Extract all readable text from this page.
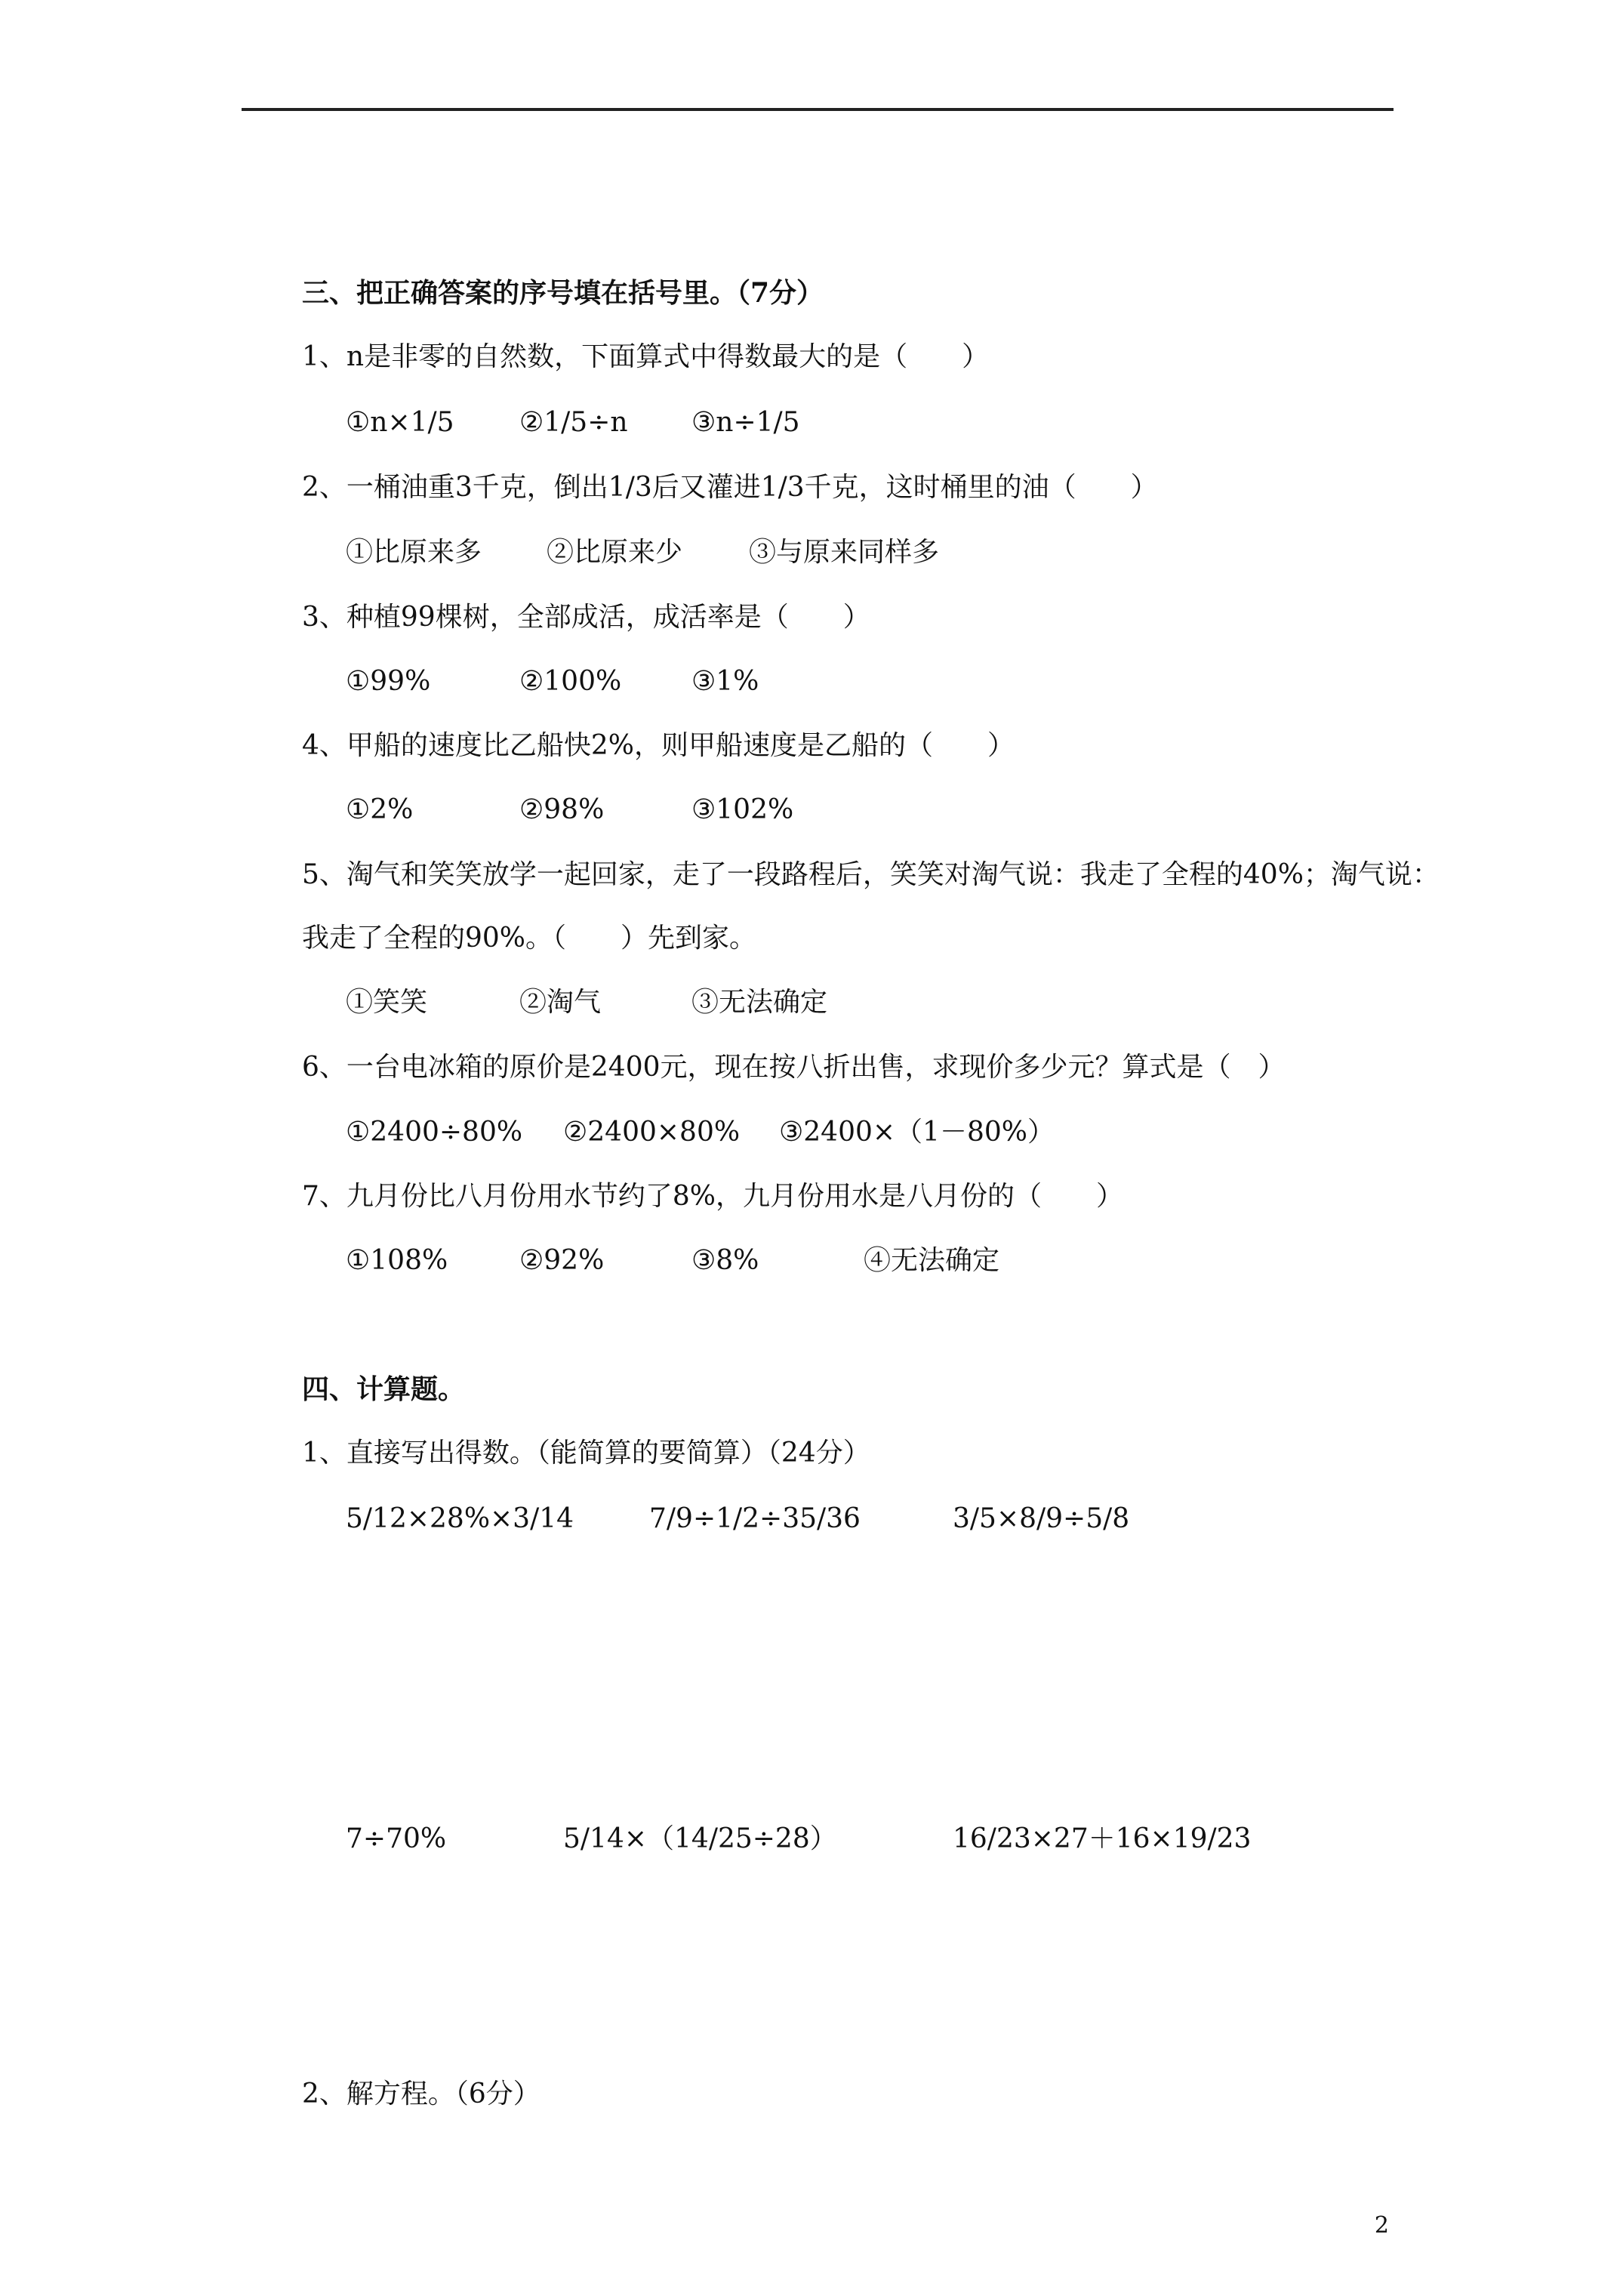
三、把正确答案的序号填在括号里。（7分）
1、n是非零的自然数，下面算式中得数最大的是（　　）
①n×1/5 ②1/5÷n ③n÷1/5
2、一桶油重3千克，倒出1/3后又灌进1/3千克，这时桶里的油（　　）
①比原来多 ②比原来少 ③与原来同样多
3、种植99棵树，全部成活，成活率是（　　）
①99%	②100%	③1%
4、甲船的速度比乙船快2%，则甲船速度是乙船的（　　）
①2%	②98%	③102%
5、淘气和笑笑放学一起回家，走了一段路程后，笑笑对淘气说：我走了全程的40%；淘气说：
我走了全程的90%。（　　）先到家。
①笑笑	②淘气	③无法确定
6、一台电冰箱的原价是2400元，现在按八折出售，求现价多少元？算式是（　）
①2400÷80% ②2400×80% ③2400×（1－80%）
7、九月份比八月份用水节约了8%，九月份用水是八月份的（　　）
①108%	②92%	③8%	④无法确定
四、计算题。
1、直接写出得数。（能简算的要简算）（24分）
5/12×28%×3/14	7/9÷1/2÷35/36	3/5×8/9÷5/8
7÷70%	5/14×（14/25÷28）	16/23×27＋16×19/23
2、解方程。（6分）
2
